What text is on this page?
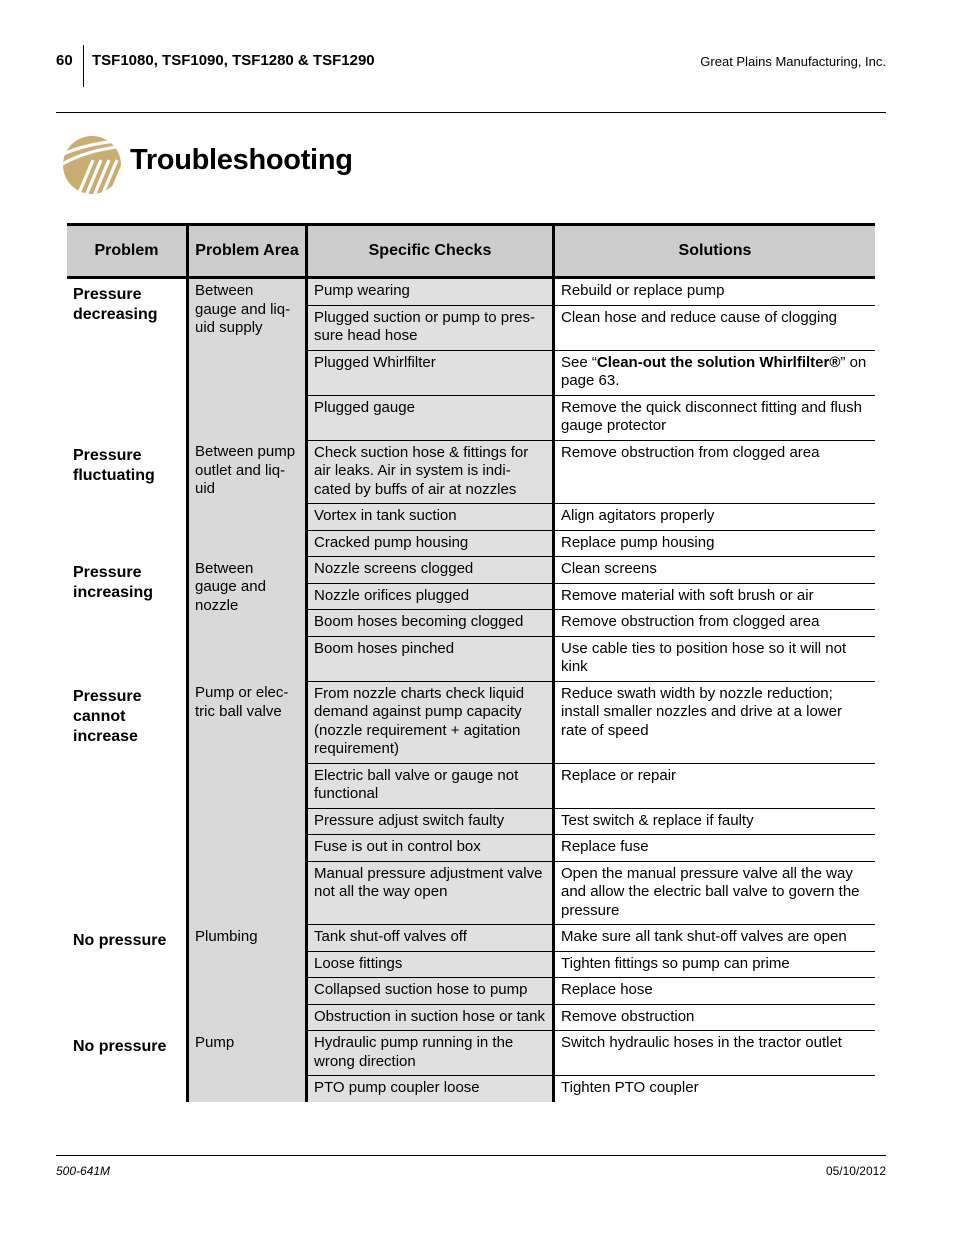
60 TSF1080, TSF1090, TSF1280 & TSF1290	Great Plains Manufacturing, Inc.
Troubleshooting
Problem	Problem Area	Specific Checks	Solutions
Pressure decreasing	Between gauge and liq-uid supply	Pump wearing	Rebuild or replace pump
		Plugged suction or pump to pres-sure head hose	Clean hose and reduce cause of clogging
		Plugged Whirlfilter	See “Clean-out the solution Whirlfilter®” on page 63.
		Plugged gauge	Remove the quick disconnect fitting and flush gauge protector
Pressure fluctuating	Between pump outlet and liq-uid	Check suction hose & fittings for air leaks. Air in system is indi-cated by buffs of air at nozzles	Remove obstruction from clogged area
		Vortex in tank suction	Align agitators properly
		Cracked pump housing	Replace pump housing
Pressure increasing	Between gauge and nozzle	Nozzle screens clogged	Clean screens
		Nozzle orifices plugged	Remove material with soft brush or air
		Boom hoses becoming clogged	Remove obstruction from clogged area
		Boom hoses pinched	Use cable ties to position hose so it will not kink
Pressure cannot increase	Pump or elec-tric ball valve	From nozzle charts check liquid demand against pump capacity (nozzle requirement + agitation requirement)	Reduce swath width by nozzle reduction; install smaller nozzles and drive at a lower rate of speed
		Electric ball valve or gauge not functional	Replace or repair
		Pressure adjust switch faulty	Test switch & replace if faulty
		Fuse is out in control box	Replace fuse
		Manual pressure adjustment valve not all the way open	Open the manual pressure valve all the way and allow the electric ball valve to govern the pressure
No pressure	Plumbing	Tank shut-off valves off	Make sure all tank shut-off valves are open
		Loose fittings	Tighten fittings so pump can prime
		Collapsed suction hose to pump	Replace hose
		Obstruction in suction hose or tank	Remove obstruction
No pressure	Pump	Hydraulic pump running in the wrong direction	Switch hydraulic hoses in the tractor outlet
		PTO pump coupler loose	Tighten PTO coupler
500-641M	05/10/2012
